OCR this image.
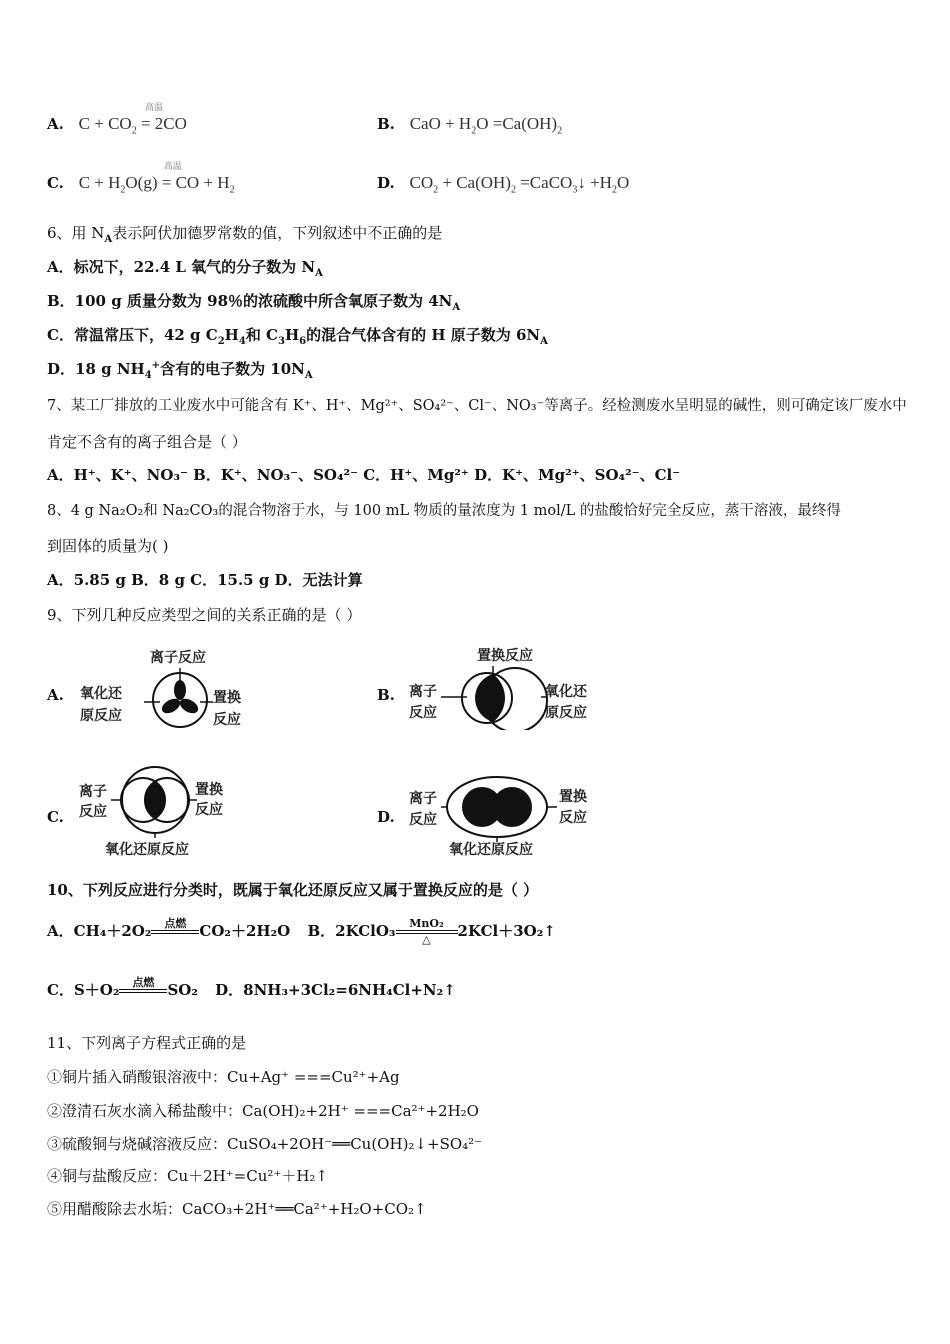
A. $C + CO_2$
高温
= 2CO	B. CaO + $H_2O =Ca(OH)_2$
C. $C + H_2O(g)$
高温
= CO + $H_2$	D. $CO_2 + Ca(OH)_2$ =CaCO$_3$↓ $+H_2O$
6、用 $N_A$表示阿伏加德罗常数的值，下列叙述中不正确的是
A．标况下，22.4 L 氧气的分子数为 $N_A$
B．100 g 质量分数为 98％的浓硫酸中所含氧原子数为 $4N_A$
C．常温常压下，42 g $C_2H_4$和 $C_3H_6$的混合气体含有的 H 原子数为 $6N_A$
D．18 g $NH_4^+$含有的电子数为 $10N_A$
7、某工厂排放的工业废水中可能含有 K⁺、H⁺、Mg²⁺、SO₄²⁻、Cl⁻、NO₃⁻等离子。经检测废水呈明显的碱性，则可确定该厂废水中
肯定不含有的离子组合是（ ）
A．H⁺、K⁺、NO₃⁻ B．K⁺、NO₃⁻、SO₄²⁻ C．H⁺、Mg²⁺ D．K⁺、Mg²⁺、SO₄²⁻、Cl⁻
8、4 g Na₂O₂和 Na₂CO₃的混合物溶于水，与 100 mL 物质的量浓度为 1 mol/L 的盐酸恰好完全反应，蒸干溶液，最终得
到固体的质量为( )
A．5.85 g B．8 g C．15.5 g D．无法计算
9、下列几种反应类型之间的关系正确的是（ ）
A.
离子反应
氧化还
原反应
置换
反应
B.
置换反应
离子
反应
氧化还
原反应
C.
离子
反应
置换
反应
氧化还原反应
D.
离子
反应
置换
反应
氧化还原反应
10、下列反应进行分类时，既属于氧化还原反应又属于置换反应的是（ ）
A．CH₄＋2O₂	点燃
CO₂＋2H₂O B．2KClO₃	MnO₂
△	2KCl＋3O₂↑
C．S＋O₂	点燃
SO₂ D．8NH₃+3Cl₂=6NH₄Cl+N₂↑
11、下列离子方程式正确的是
①铜片插入硝酸银溶液中：Cu+Ag⁺ ===Cu²⁺+Ag
②澄清石灰水滴入稀盐酸中：Ca(OH)₂+2H⁺ ===Ca²⁺+2H₂O
③硫酸铜与烧碱溶液反应：CuSO₄+2OH⁻══Cu(OH)₂↓+SO₄²⁻
④铜与盐酸反应：Cu＋2H⁺=Cu²⁺＋H₂↑
⑤用醋酸除去水垢：CaCO₃+2H⁺══Ca²⁺+H₂O+CO₂↑
